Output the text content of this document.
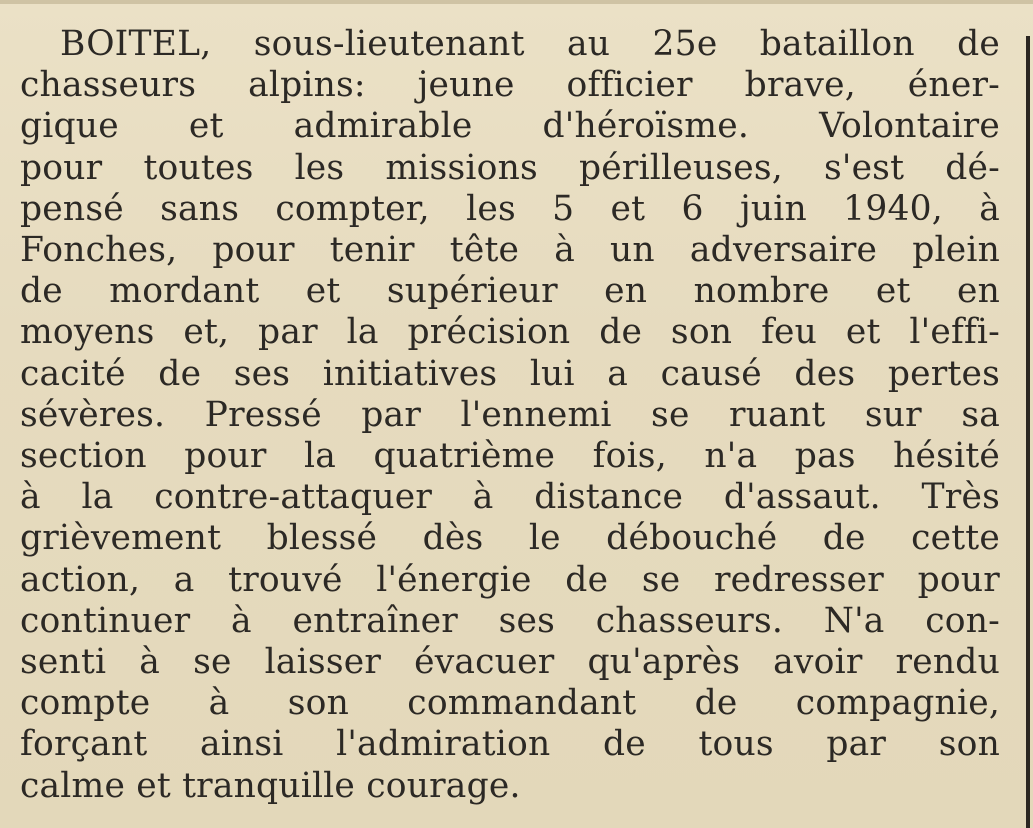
BOITEL, sous-lieutenant au 25e bataillon de
chasseurs alpins: jeune officier brave, éner-
gique et admirable d'héroïsme. Volontaire
pour toutes les missions périlleuses, s'est dé-
pensé sans compter, les 5 et 6 juin 1940, à
Fonches, pour tenir tête à un adversaire plein
de mordant et supérieur en nombre et en
moyens et, par la précision de son feu et l'effi-
cacité de ses initiatives lui a causé des pertes
sévères. Pressé par l'ennemi se ruant sur sa
section pour la quatrième fois, n'a pas hésité
à la contre-attaquer à distance d'assaut. Très
grièvement blessé dès le débouché de cette
action, a trouvé l'énergie de se redresser pour
continuer à entraîner ses chasseurs. N'a con-
senti à se laisser évacuer qu'après avoir rendu
compte à son commandant de compagnie,
forçant ainsi l'admiration de tous par son
calme et tranquille courage.
